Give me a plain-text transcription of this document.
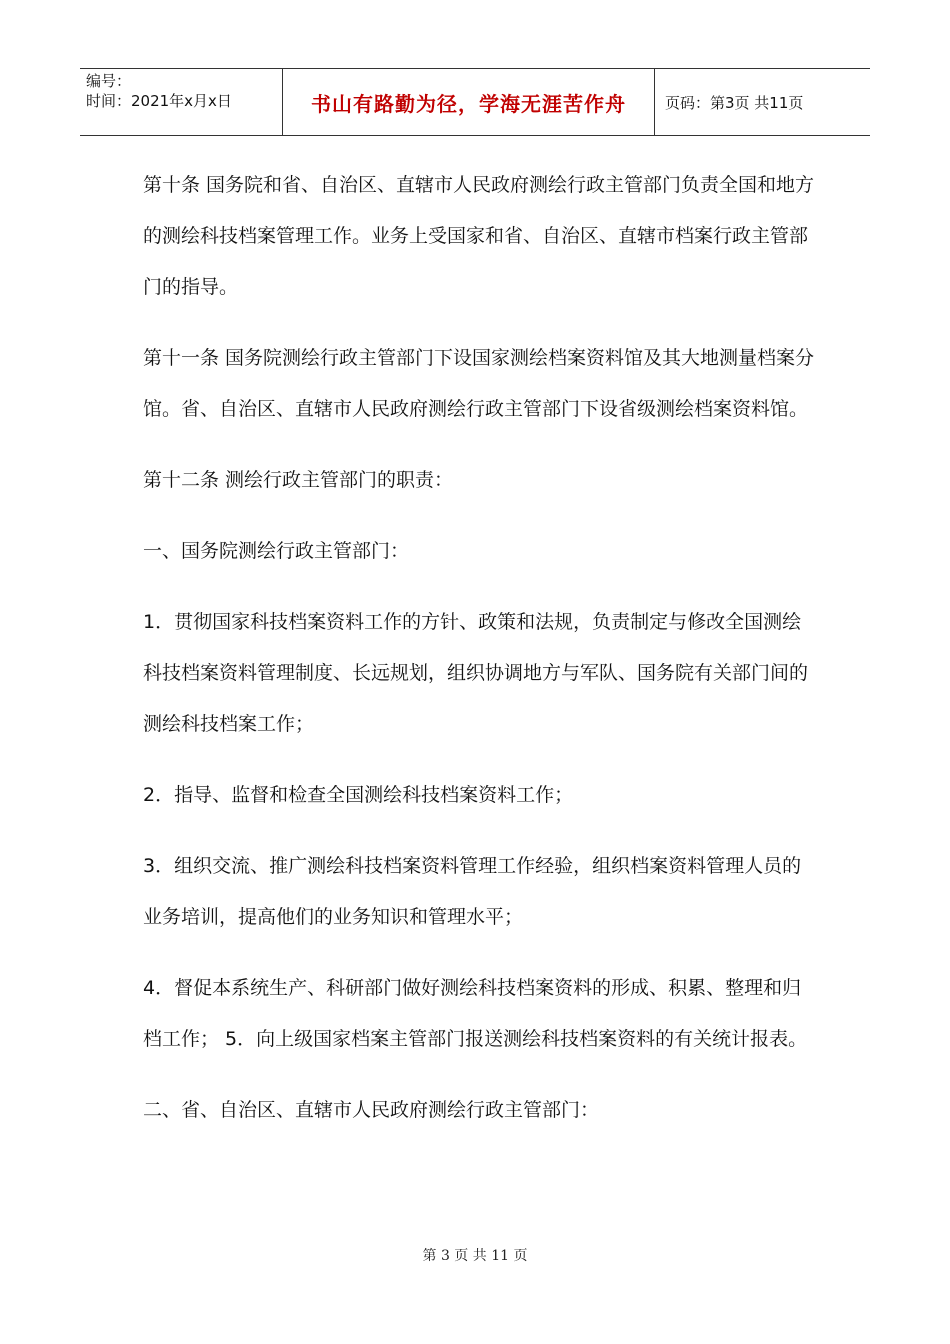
编号：
时间：2021年x月x日	书山有路勤为径，学海无涯苦作舟	页码：第3页 共11页

第十条 国务院和省、自治区、直辖市人民政府测绘行政主管部门负责全国和地方的测绘科技档案管理工作。业务上受国家和省、自治区、直辖市档案行政主管部门的指导。

第十一条 国务院测绘行政主管部门下设国家测绘档案资料馆及其大地测量档案分馆。省、自治区、直辖市人民政府测绘行政主管部门下设省级测绘档案资料馆。

第十二条 测绘行政主管部门的职责：

一、国务院测绘行政主管部门：

1．贯彻国家科技档案资料工作的方针、政策和法规，负责制定与修改全国测绘科技档案资料管理制度、长远规划，组织协调地方与军队、国务院有关部门间的测绘科技档案工作；

2．指导、监督和检查全国测绘科技档案资料工作；

3．组织交流、推广测绘科技档案资料管理工作经验，组织档案资料管理人员的业务培训，提高他们的业务知识和管理水平；

4．督促本系统生产、科研部门做好测绘科技档案资料的形成、积累、整理和归档工作； 5．向上级国家档案主管部门报送测绘科技档案资料的有关统计报表。

二、省、自治区、直辖市人民政府测绘行政主管部门：

第 3 页 共 11 页
